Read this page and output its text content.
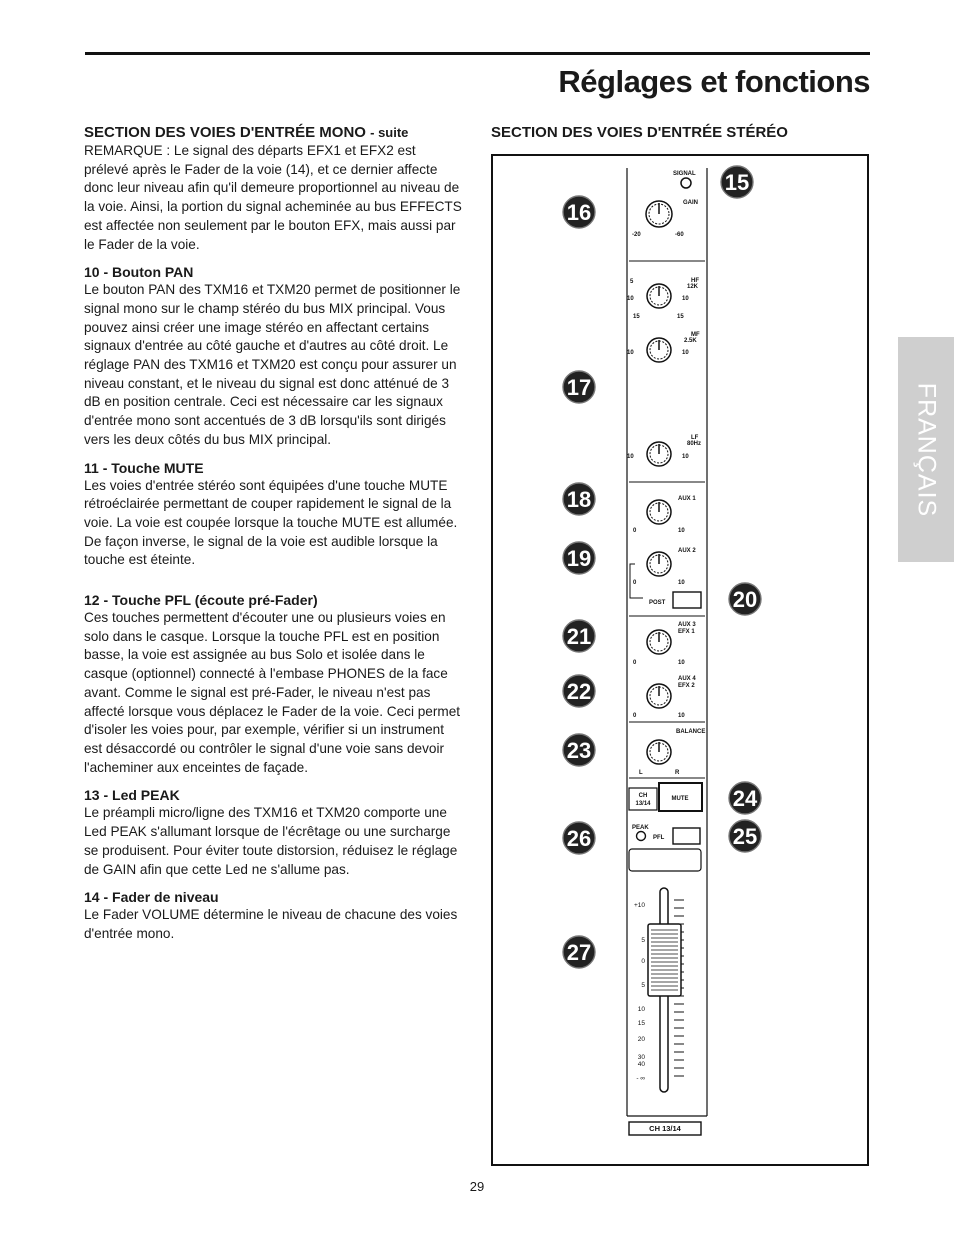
Réglages et fonctions
FRANÇAIS
SECTION DES VOIES D'ENTRÉE MONO - suite

REMARQUE : Le signal des départs EFX1 et EFX2 est prélevé après le Fader de la voie (14), et ce dernier affecte donc leur niveau afin qu'il demeure proportionnel au niveau de la voie. Ainsi, la portion du signal acheminée au bus EFFECTS est affectée non seulement par le bouton EFX, mais aussi par le Fader de la voie.

10 - Bouton PAN

Le bouton PAN des TXM16 et TXM20 permet de positionner le signal mono sur le champ stéréo du bus MIX principal. Vous pouvez ainsi créer une image stéréo en affectant certains signaux d'entrée au côté gauche et d'autres au côté droit. Le réglage PAN des TXM16 et TXM20 est conçu pour assurer un niveau constant, et le niveau du signal est donc atténué de 3 dB en position centrale. Ceci est nécessaire car les signaux d'entrée mono sont accentués de 3 dB lorsqu'ils sont dirigés vers les deux côtés du bus MIX principal.

11 - Touche MUTE

Les voies d'entrée stéréo sont équipées d'une touche MUTE rétroéclairée permettant de couper rapidement le signal de la voie. La voie est coupée lorsque la touche MUTE est allumée. De façon inverse, le signal de la voie est audible lorsque la touche est éteinte.

12 - Touche PFL (écoute pré-Fader)

Ces touches permettent d'écouter une ou plusieurs voies en solo dans le casque. Lorsque la touche PFL est en position basse, la voie est assignée au bus Solo et isolée dans le casque (optionnel) connecté à l'embase PHONES de la face avant. Comme le signal est pré-Fader, le niveau n'est pas affecté lorsque vous déplacez le Fader de la voie. Ceci permet d'isoler les voies pour, par exemple, vérifier si un instrument est désaccordé ou contrôler le signal d'une voie sans devoir l'acheminer aux enceintes de façade.

13 - Led PEAK

Le préampli micro/ligne des TXM16 et TXM20 comporte une Led PEAK s'allumant lorsque de l'écrêtage ou une surcharge se produisent. Pour éviter toute distorsion, réduisez le réglage de GAIN afin que cette Led ne s'allume pas.

14 - Fader de niveau

Le Fader VOLUME détermine le niveau de chacune des voies d'entrée mono.

SECTION DES VOIES D'ENTRÉE STÉRÉO
SIGNAL
GAIN
-20	-60
HF
12K
5
10	10
15	15
MF
2.5K
10	10
LF
80Hz
10	10
AUX 1
0	10
AUX 2
0	10
POST
AUX 3
EFX 1
0	10
AUX 4
EFX 2
0	10
BALANCE
L	R
CH
13/14
MUTE
PEAK
PFL
+10
5
0
5
10
15
20
30
40
- ∞
CH 13/14
15
16
17
18
19
20
21
22
23
24
25
26
27
29
